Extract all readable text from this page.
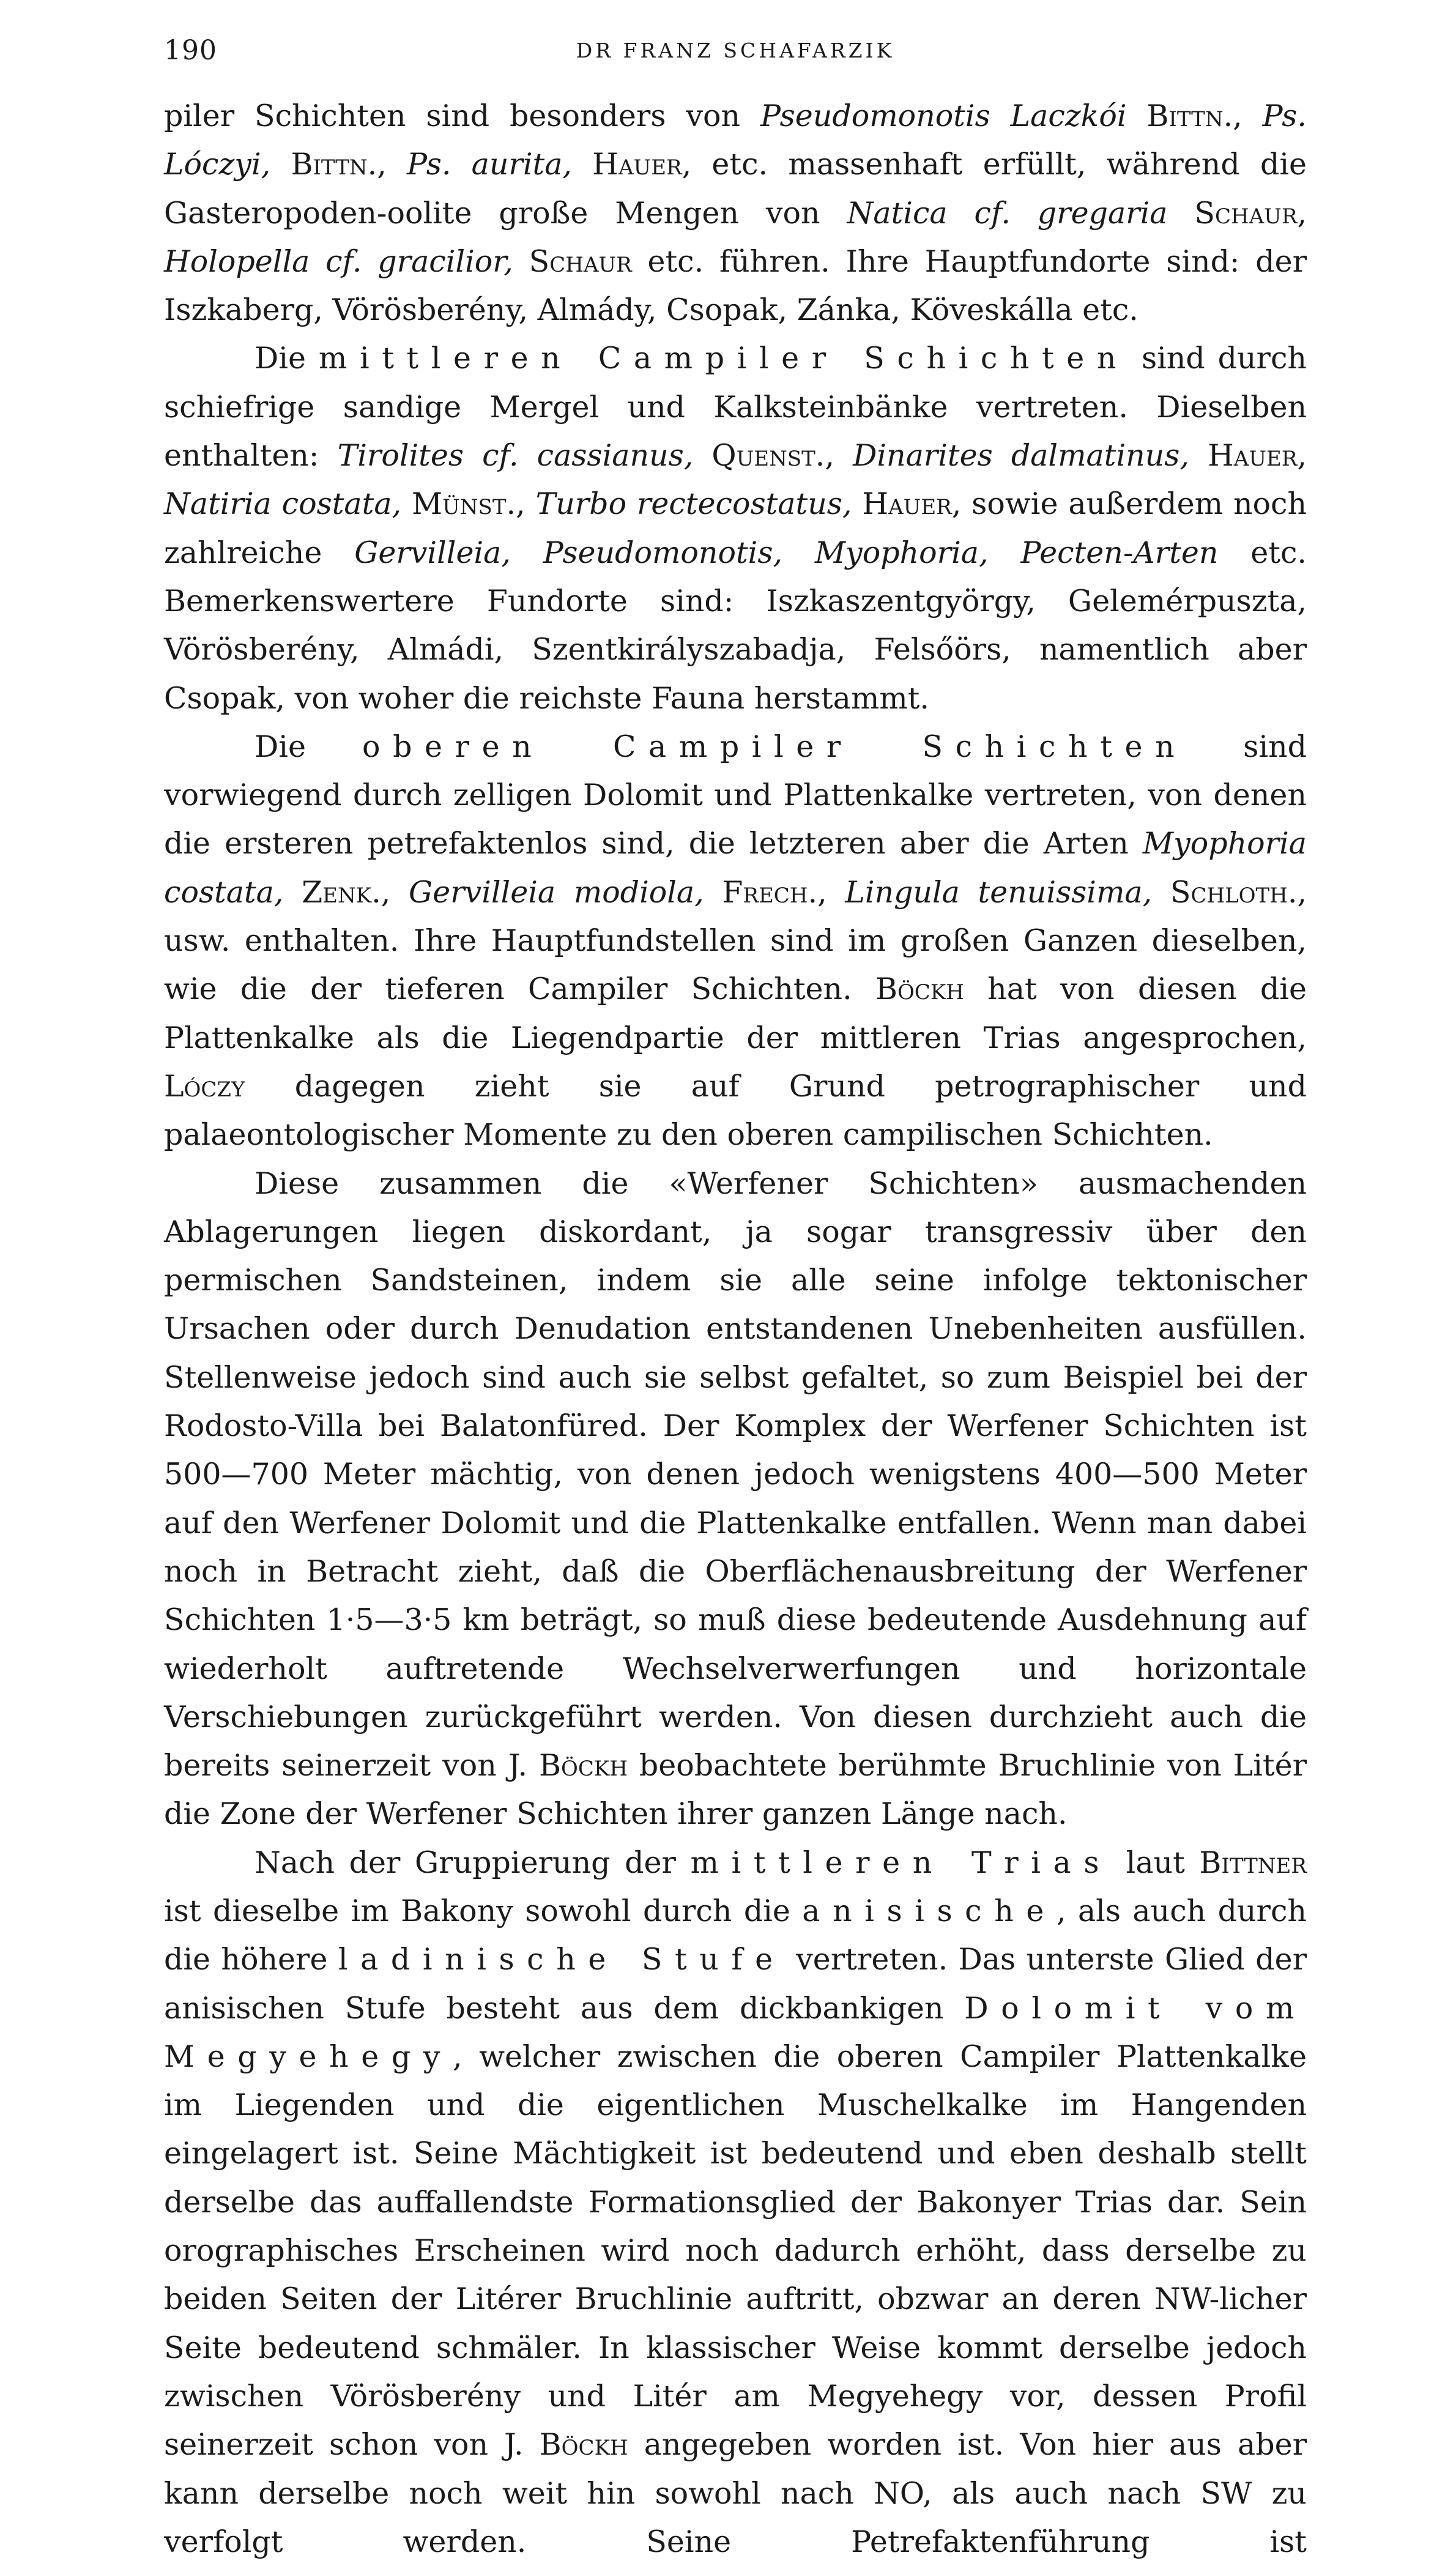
190	DR FRANZ SCHAFARZIK

piler Schichten sind besonders von Pseudomonotis Laczkói Bittn., Ps. Lóczyi, Bittn., Ps. aurita, Hauer, etc. massenhaft erfüllt, während die Gasteropoden-oolite große Mengen von Natica cf. gregaria Schaur, Holopella cf. gracilior, Schaur etc. führen. Ihre Hauptfundorte sind: der Iszkaberg, Vörösberény, Almády, Csopak, Zánka, Köveskálla etc.

Die mittleren Campiler Schichten sind durch schiefrige sandige Mergel und Kalksteinbänke vertreten. Dieselben enthalten: Tirolites cf. cassianus, Quenst., Dinarites dalmatinus, Hauer, Natiria costata, Münst., Turbo rectecostatus, Hauer, sowie außerdem noch zahlreiche Gervilleia, Pseudomonotis, Myophoria, Pecten-Arten etc. Bemerkenswertere Fundorte sind: Iszkaszentgyörgy, Gelemérpuszta, Vörösberény, Almádi, Szentkirályszabadja, Felsőörs, namentlich aber Csopak, von woher die reichste Fauna herstammt.

Die oberen Campiler Schichten sind vorwiegend durch zelligen Dolomit und Plattenkalke vertreten, von denen die ersteren petrefaktenlos sind, die letzteren aber die Arten Myophoria costata, Zenk., Gervilleia modiola, Frech., Lingula tenuissima, Schloth., usw. enthalten. Ihre Hauptfundstellen sind im großen Ganzen dieselben, wie die der tieferen Campiler Schichten. Böckh hat von diesen die Plattenkalke als die Liegendpartie der mittleren Trias angesprochen, Lóczy dagegen zieht sie auf Grund petrographischer und palaeontologischer Momente zu den oberen campilischen Schichten.

Diese zusammen die «Werfener Schichten» ausmachenden Ablagerungen liegen diskordant, ja sogar transgressiv über den permischen Sandsteinen, indem sie alle seine infolge tektonischer Ursachen oder durch Denudation entstandenen Unebenheiten ausfüllen. Stellenweise jedoch sind auch sie selbst gefaltet, so zum Beispiel bei der Rodosto-Villa bei Balatonfüred. Der Komplex der Werfener Schichten ist 500—700 Meter mächtig, von denen jedoch wenigstens 400—500 Meter auf den Werfener Dolomit und die Plattenkalke entfallen. Wenn man dabei noch in Betracht zieht, daß die Oberflächenausbreitung der Werfener Schichten 1·5—3·5 km beträgt, so muß diese bedeutende Ausdehnung auf wiederholt auftretende Wechselverwerfungen und horizontale Verschiebungen zurückgeführt werden. Von diesen durchzieht auch die bereits seinerzeit von J. Böckh beobachtete berühmte Bruchlinie von Litér die Zone der Werfener Schichten ihrer ganzen Länge nach.

Nach der Gruppierung der mittleren Trias laut Bittner ist dieselbe im Bakony sowohl durch die anisische, als auch durch die höhere ladinische Stufe vertreten. Das unterste Glied der anisischen Stufe besteht aus dem dickbankigen Dolomit vom Megyehegy, welcher zwischen die oberen Campiler Plattenkalke im Liegenden und die eigentlichen Muschelkalke im Hangenden eingelagert ist. Seine Mächtigkeit ist bedeutend und eben deshalb stellt derselbe das auffallendste Formationsglied der Bakonyer Trias dar. Sein orographisches Erscheinen wird noch dadurch erhöht, dass derselbe zu beiden Seiten der Litérer Bruchlinie auftritt, obzwar an deren NW-licher Seite bedeutend schmäler. In klassischer Weise kommt derselbe jedoch zwischen Vörösberény und Litér am Megyehegy vor, dessen Profil seinerzeit schon von J. Böckh angegeben worden ist. Von hier aus aber kann derselbe noch weit hin sowohl nach NO, als auch nach SW zu verfolgt werden. Seine Petrefaktenführung ist
